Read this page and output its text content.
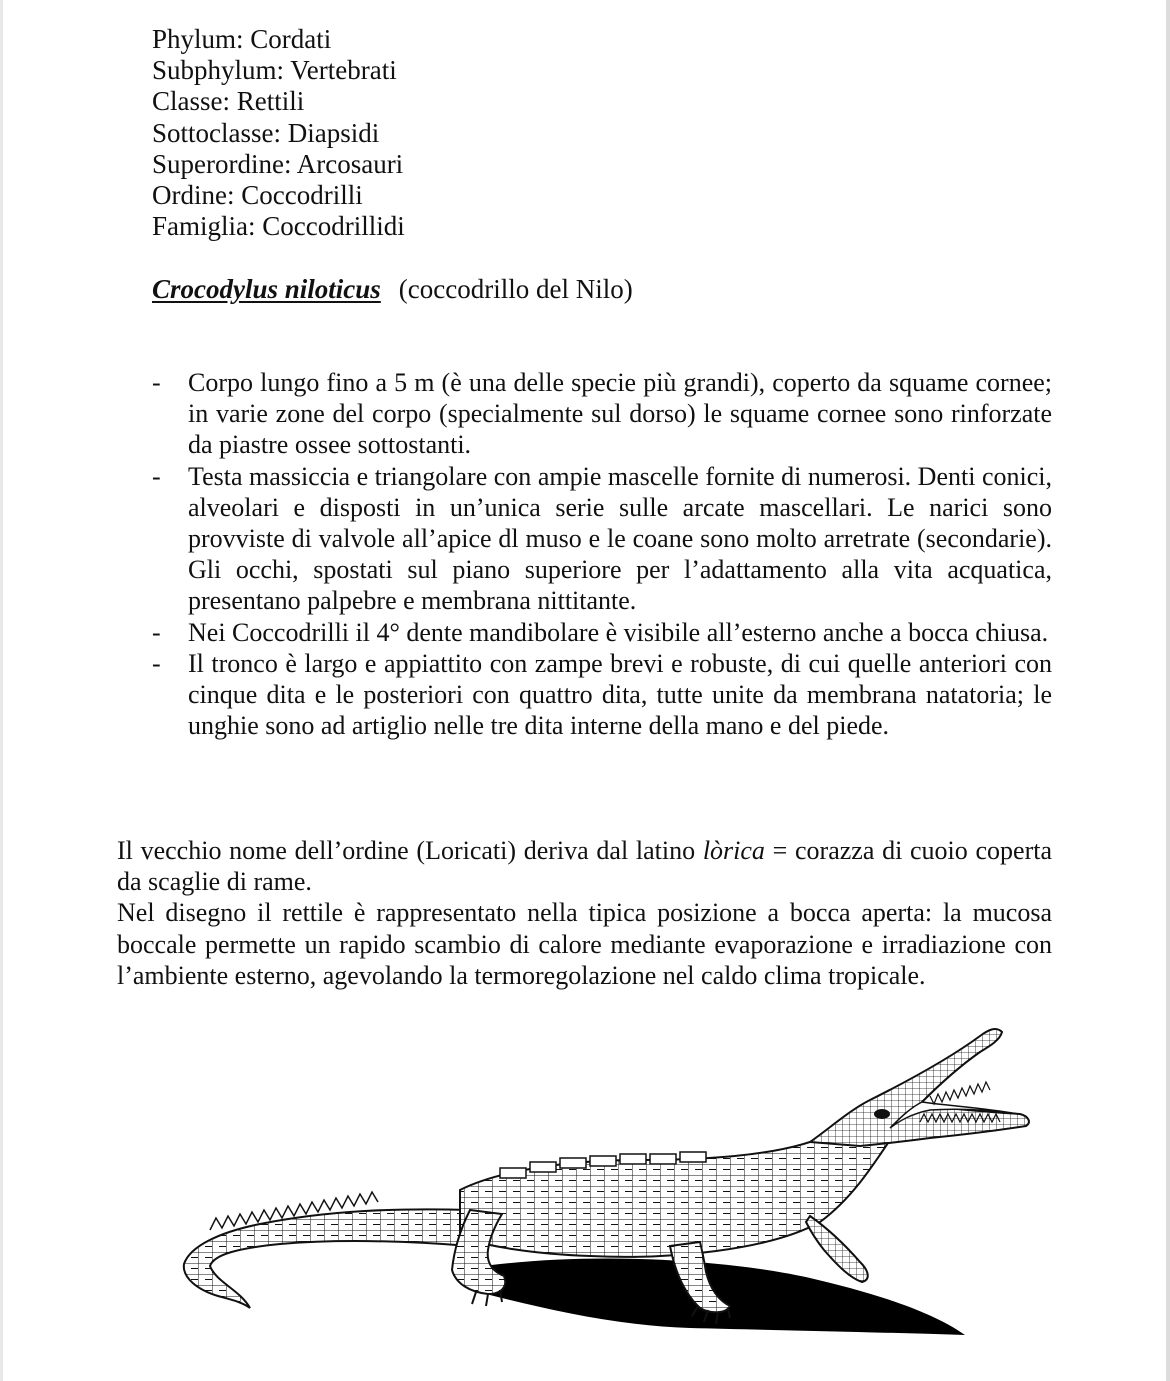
Phylum: Cordati
Subphylum: Vertebrati
Classe: Rettili
Sottoclasse: Diapsidi
Superordine: Arcosauri
Ordine: Coccodrilli
Famiglia: Coccodrillidi
Crocodylus niloticus (coccodrillo del Nilo)
- Corpo lungo fino a 5 m (è una delle specie più grandi), coperto da squame cornee; in varie zone del corpo (specialmente sul dorso) le squame cornee sono rinforzate da piastre ossee sottostanti.
- Testa massiccia e triangolare con ampie mascelle fornite di numerosi. Denti conici, alveolari e disposti in un’unica serie sulle arcate mascellari. Le narici sono provviste di valvole all’apice dl muso e le coane sono molto arretrate (secondarie). Gli occhi, spostati sul piano superiore per l’adattamento alla vita acquatica, presentano palpebre e membrana nittitante.
- Nei Coccodrilli il 4° dente mandibolare è visibile all’esterno anche a bocca chiusa.
- Il tronco è largo e appiattito con zampe brevi e robuste, di cui quelle anteriori con cinque dita e le posteriori con quattro dita, tutte unite da membrana natatoria; le unghie sono ad artiglio nelle tre dita interne della mano e del piede.

Il vecchio nome dell’ordine (Loricati) deriva dal latino lòrica = corazza di cuoio coperta da scaglie di rame.

Nel disegno il rettile è rappresentato nella tipica posizione a bocca aperta: la mucosa boccale permette un rapido scambio di calore mediante evaporazione e irradiazione con l’ambiente esterno, agevolando la termoregolazione nel caldo clima tropicale.
